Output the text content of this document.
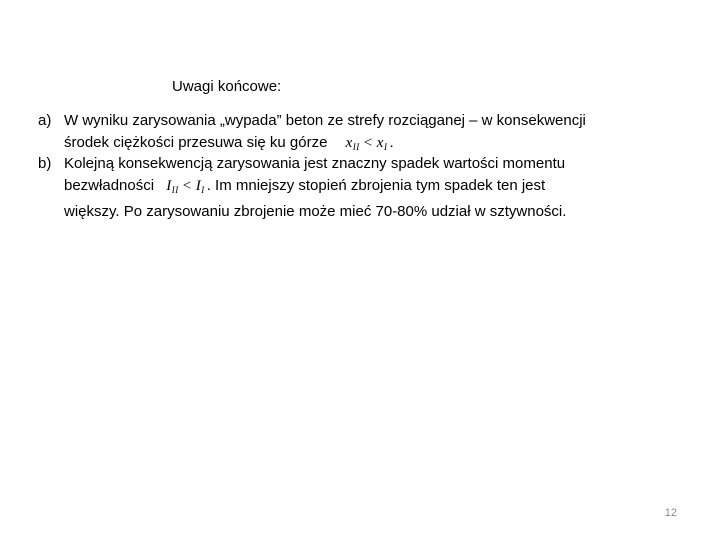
Uwagi końcowe:
a) W wyniku zarysowania „wypada” beton ze strefy rozciąganej – w konsekwencji
środek ciężkości przesuwa się ku górze $x_{II} < x_I$ .
b) Kolejną konsekwencją zarysowania jest znaczny spadek wartości momentu
bezwładności $I_{II} < I_I$ . Im mniejszy stopień zbrojenia tym spadek ten jest
większy. Po zarysowaniu zbrojenie może mieć 70-80% udział w sztywności.
12
